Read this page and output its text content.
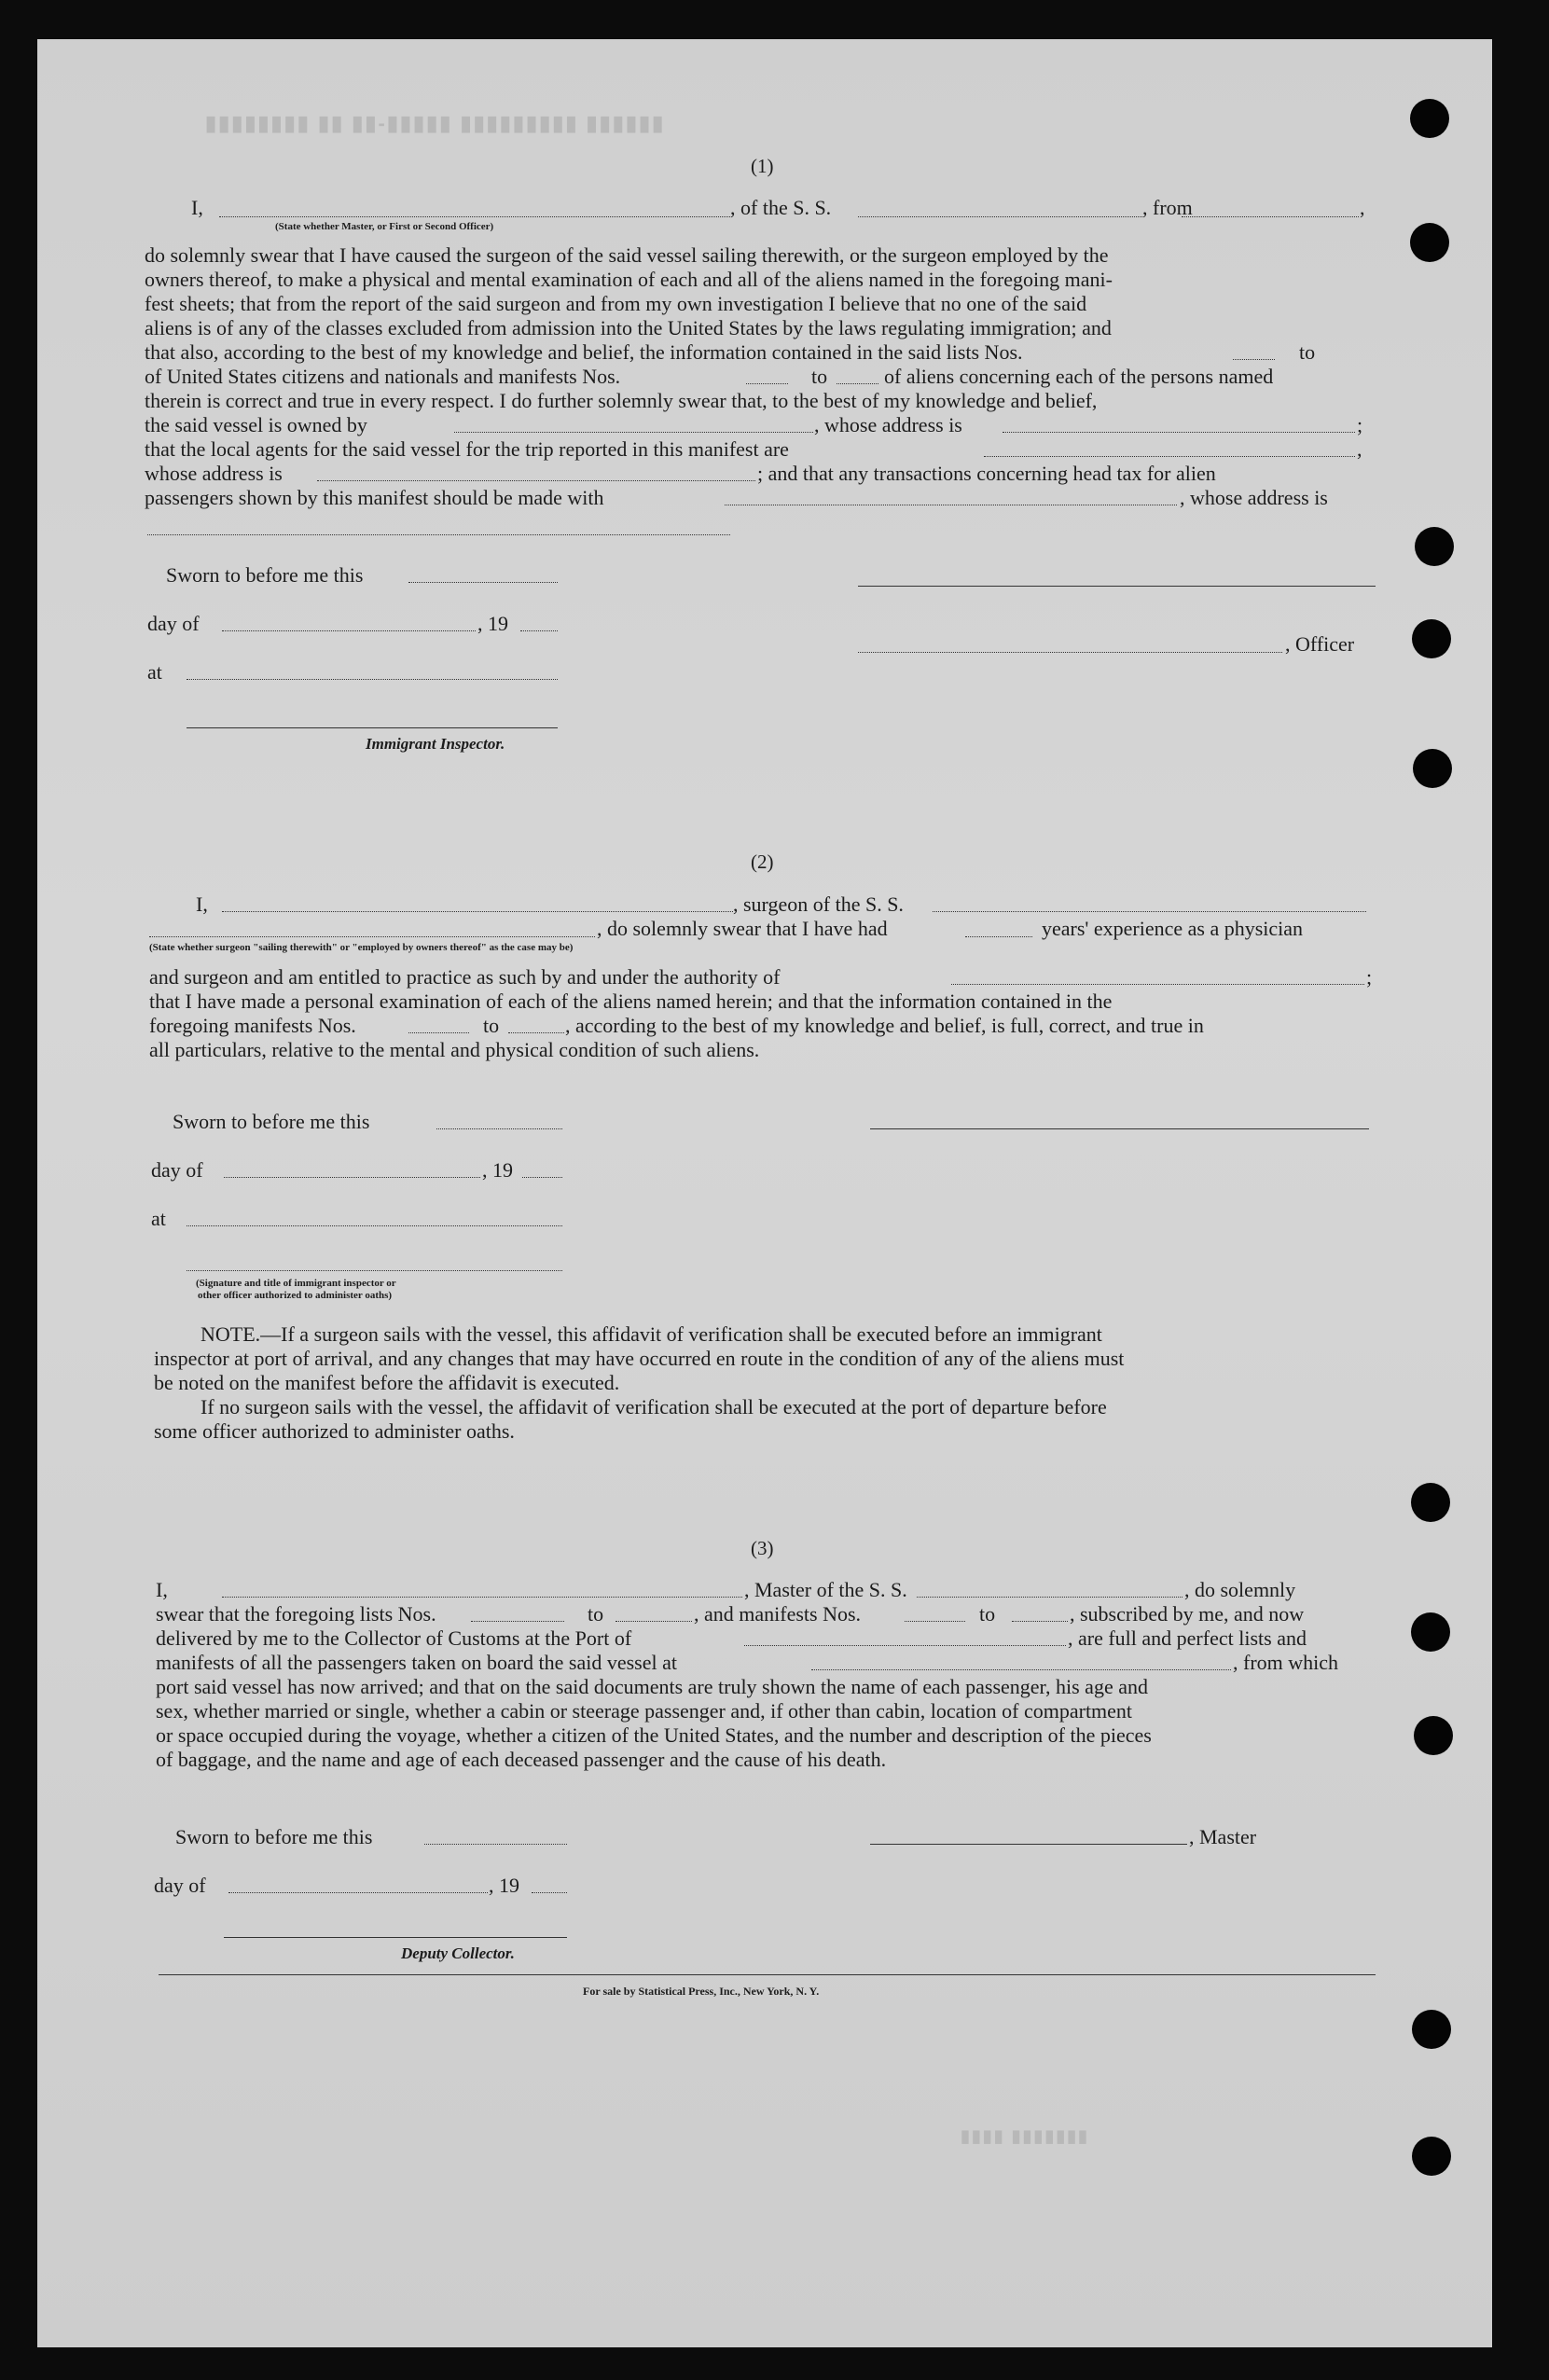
▮▮▮▮▮▮▮▮ ▮▮ ▮▮-▮▮▮▮▮ ▮▮▮▮▮▮▮▮▮ ▮▮▮▮▮▮
(1)
I,	, of the S. S.	, from	,
(State whether Master, or First or Second Officer)
do solemnly swear that I have caused the surgeon of the said vessel sailing therewith, or the surgeon employed by the
owners thereof, to make a physical and mental examination of each and all of the aliens named in the foregoing mani-
fest sheets; that from the report of the said surgeon and from my own investigation I believe that no one of the said
aliens is of any of the classes excluded from admission into the United States by the laws regulating immigration; and
that also, according to the best of my knowledge and belief, the information contained in the said lists Nos.	to
of United States citizens and nationals and manifests Nos.	to	of aliens concerning each of the persons named
therein is correct and true in every respect. I do further solemnly swear that, to the best of my knowledge and belief,
the said vessel is owned by	, whose address is	;
that the local agents for the said vessel for the trip reported in this manifest are	,
whose address is	; and that any transactions concerning head tax for alien
passengers shown by this manifest should be made with	, whose address is
Sworn to before me this
day of	, 19
, Officer
at
Immigrant Inspector.
(2)
I,	, surgeon of the S. S.
, do solemnly swear that I have had	years' experience as a physician
(State whether surgeon "sailing therewith" or "employed by owners thereof" as the case may be)
and surgeon and am entitled to practice as such by and under the authority of	;
that I have made a personal examination of each of the aliens named herein; and that the information contained in the
foregoing manifests Nos.	to	, according to the best of my knowledge and belief, is full, correct, and true in
all particulars, relative to the mental and physical condition of such aliens.
Sworn to before me this
day of	, 19
at
(Signature and title of immigrant inspector or
other officer authorized to administer oaths)
NOTE.—If a surgeon sails with the vessel, this affidavit of verification shall be executed before an immigrant
inspector at port of arrival, and any changes that may have occurred en route in the condition of any of the aliens must
be noted on the manifest before the affidavit is executed.
If no surgeon sails with the vessel, the affidavit of verification shall be executed at the port of departure before
some officer authorized to administer oaths.
(3)
I,	, Master of the S. S.	, do solemnly
swear that the foregoing lists Nos.	to	, and manifests Nos.	to	, subscribed by me, and now
delivered by me to the Collector of Customs at the Port of	, are full and perfect lists and
manifests of all the passengers taken on board the said vessel at	, from which
port said vessel has now arrived; and that on the said documents are truly shown the name of each passenger, his age and
sex, whether married or single, whether a cabin or steerage passenger and, if other than cabin, location of compartment
or space occupied during the voyage, whether a citizen of the United States, and the number and description of the pieces
of baggage, and the name and age of each deceased passenger and the cause of his death.
Sworn to before me this	, Master
day of	, 19
Deputy Collector.
For sale by Statistical Press, Inc., New York, N. Y.
▮▮▮▮ ▮▮▮▮▮▮▮
